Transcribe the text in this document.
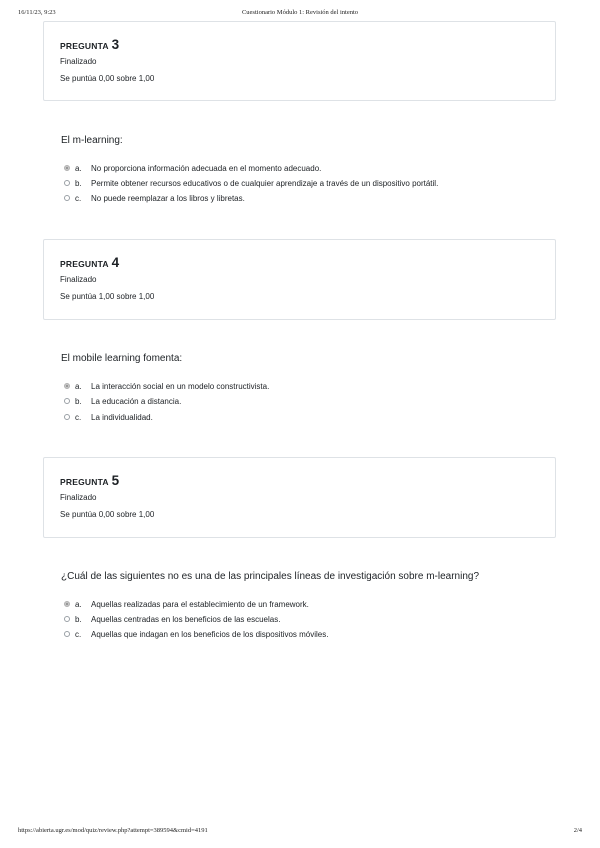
16/11/23, 9:23	Cuestionario Módulo 1: Revisión del intento
PREGUNTA 3
Finalizado
Se puntúa 0,00 sobre 1,00
El m-learning:
a. No proporciona información adecuada en el momento adecuado.
b. Permite obtener recursos educativos o de cualquier aprendizaje a través de un dispositivo portátil.
c. No puede reemplazar a los libros y libretas.
PREGUNTA 4
Finalizado
Se puntúa 1,00 sobre 1,00
El mobile learning fomenta:
a. La interacción social en un modelo constructivista.
b. La educación a distancia.
c. La individualidad.
PREGUNTA 5
Finalizado
Se puntúa 0,00 sobre 1,00
¿Cuál de las siguientes no es una de las principales líneas de investigación sobre m-learning?
a. Aquellas realizadas para el establecimiento de un framework.
b. Aquellas centradas en los beneficios de las escuelas.
c. Aquellas que indagan en los beneficios de los dispositivos móviles.
https://abierta.ugr.es/mod/quiz/review.php?attempt=389594&cmid=4191	2/4
